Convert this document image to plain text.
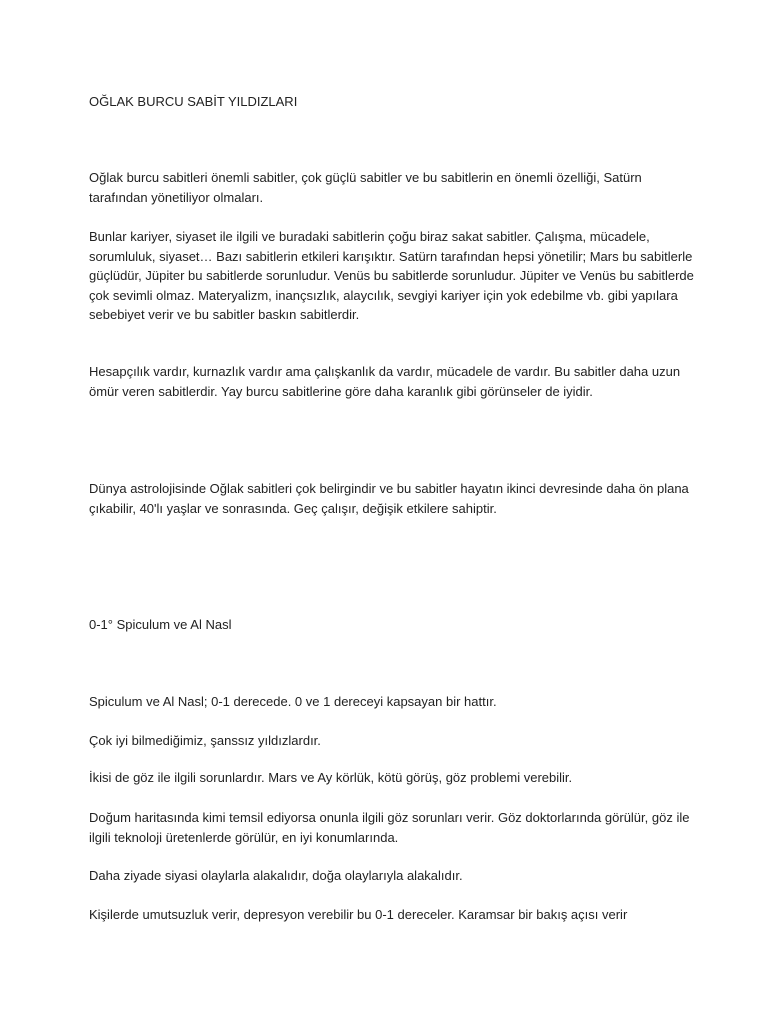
OĞLAK BURCU SABİT YILDIZLARI

Oğlak burcu sabitleri önemli sabitler, çok güçlü sabitler ve bu sabitlerin en önemli özelliği, Satürn tarafından yönetiliyor olmaları.

Bunlar kariyer, siyaset ile ilgili ve buradaki sabitlerin çoğu biraz sakat sabitler. Çalışma, mücadele, sorumluluk, siyaset… Bazı sabitlerin etkileri karışıktır. Satürn tarafından hepsi yönetilir; Mars bu sabitlerle güçlüdür, Jüpiter bu sabitlerde sorunludur. Venüs bu sabitlerde sorunludur. Jüpiter ve Venüs bu sabitlerde çok sevimli olmaz. Materyalizm, inançsızlık, alaycılık, sevgiyi kariyer için yok edebilme vb. gibi yapılara sebebiyet verir ve bu sabitler baskın sabitlerdir.

Hesapçılık vardır, kurnazlık vardır ama çalışkanlık da vardır, mücadele de vardır. Bu sabitler daha uzun ömür veren sabitlerdir. Yay burcu sabitlerine göre daha karanlık gibi görünseler de iyidir.

Dünya astrolojisinde Oğlak sabitleri çok belirgindir ve bu sabitler hayatın ikinci devresinde daha ön plana çıkabilir, 40'lı yaşlar ve sonrasında. Geç çalışır, değişik etkilere sahiptir.

0-1° Spiculum ve Al Nasl

Spiculum ve Al Nasl; 0-1 derecede. 0 ve 1 dereceyi kapsayan bir hattır.

Çok iyi bilmediğimiz, şanssız yıldızlardır.

İkisi de göz ile ilgili sorunlardır. Mars ve Ay körlük, kötü görüş, göz problemi verebilir.

Doğum haritasında kimi temsil ediyorsa onunla ilgili göz sorunları verir. Göz doktorlarında görülür, göz ile ilgili teknoloji üretenlerde görülür, en iyi konumlarında.

Daha ziyade siyasi olaylarla alakalıdır, doğa olaylarıyla alakalıdır.

Kişilerde umutsuzluk verir, depresyon verebilir bu 0-1 dereceler. Karamsar bir bakış açısı verir
